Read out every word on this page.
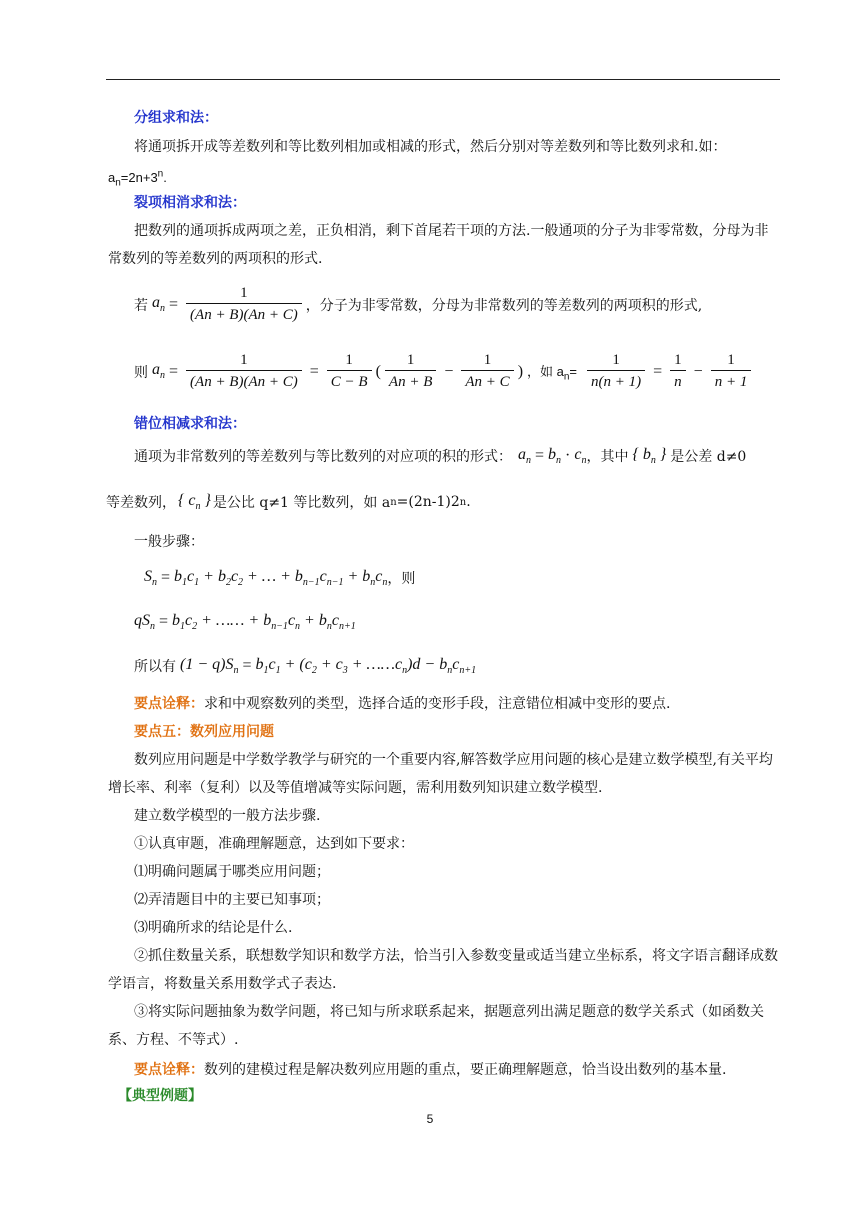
分组求和法：
将通项拆开成等差数列和等比数列相加或相减的形式，然后分别对等差数列和等比数列求和.如：
$a_n=2n+3^n$.
裂项相消求和法：
把数列的通项拆成两项之差，正负相消，剩下首尾若干项的方法.一般通项的分子为非零常数，分母为非常数列的等差数列的两项积的形式.
若 $a_n = \frac{1}{(An + B)(An + C)}$ ，分子为非零常数，分母为非常数列的等差数列的两项积的形式,
则 $a_n = \frac{1}{(An + B)(An + C)} = \frac{1}{C - B}$ ( $\frac{1}{An + B} - \frac{1}{An + C}$ ) ，如 $a_n= \frac{1}{n(n + 1)} = \frac{1}{n} - \frac{1}{n + 1}$
错位相减求和法：
通项为非常数列的等差数列与等比数列的对应项的积的形式： $a_n = b_n \cdot c_n$ ，其中 { $b_n$ } 是公差 d≠0
等差数列， { $c_n$ } 是公比 q≠1 等比数列，如 a n =(2n-1)2 n .
一般步骤：
$S_n = b_1c_1 + b_2c_2$ + … + $b_{n-1}c_{n-1} + b_nc_n$ ，则
$qS_n = b_1c_2$ + …… + $b_{n-1}c_n + b_nc_{n+1}$
所以有 $(1 - q)S_n = b_1c_1 + (c_2 + c_3$ + $\dots\dots c_n)d - b_nc_{n+1}$
要点诠释：求和中观察数列的类型，选择合适的变形手段，注意错位相减中变形的要点.
要点五：数列应用问题
数列应用问题是中学数学教学与研究的一个重要内容,解答数学应用问题的核心是建立数学模型,有关平均增长率、利率（复利）以及等值增减等实际问题，需利用数列知识建立数学模型.
建立数学模型的一般方法步骤.
①认真审题，准确理解题意，达到如下要求：
⑴明确问题属于哪类应用问题；
⑵弄清题目中的主要已知事项；
⑶明确所求的结论是什么.
②抓住数量关系，联想数学知识和数学方法，恰当引入参数变量或适当建立坐标系，将文字语言翻译成数学语言，将数量关系用数学式子表达.
③将实际问题抽象为数学问题，将已知与所求联系起来，据题意列出满足题意的数学关系式（如函数关系、方程、不等式）.
要点诠释：数列的建模过程是解决数列应用题的重点，要正确理解题意，恰当设出数列的基本量.
【典型例题】
5
